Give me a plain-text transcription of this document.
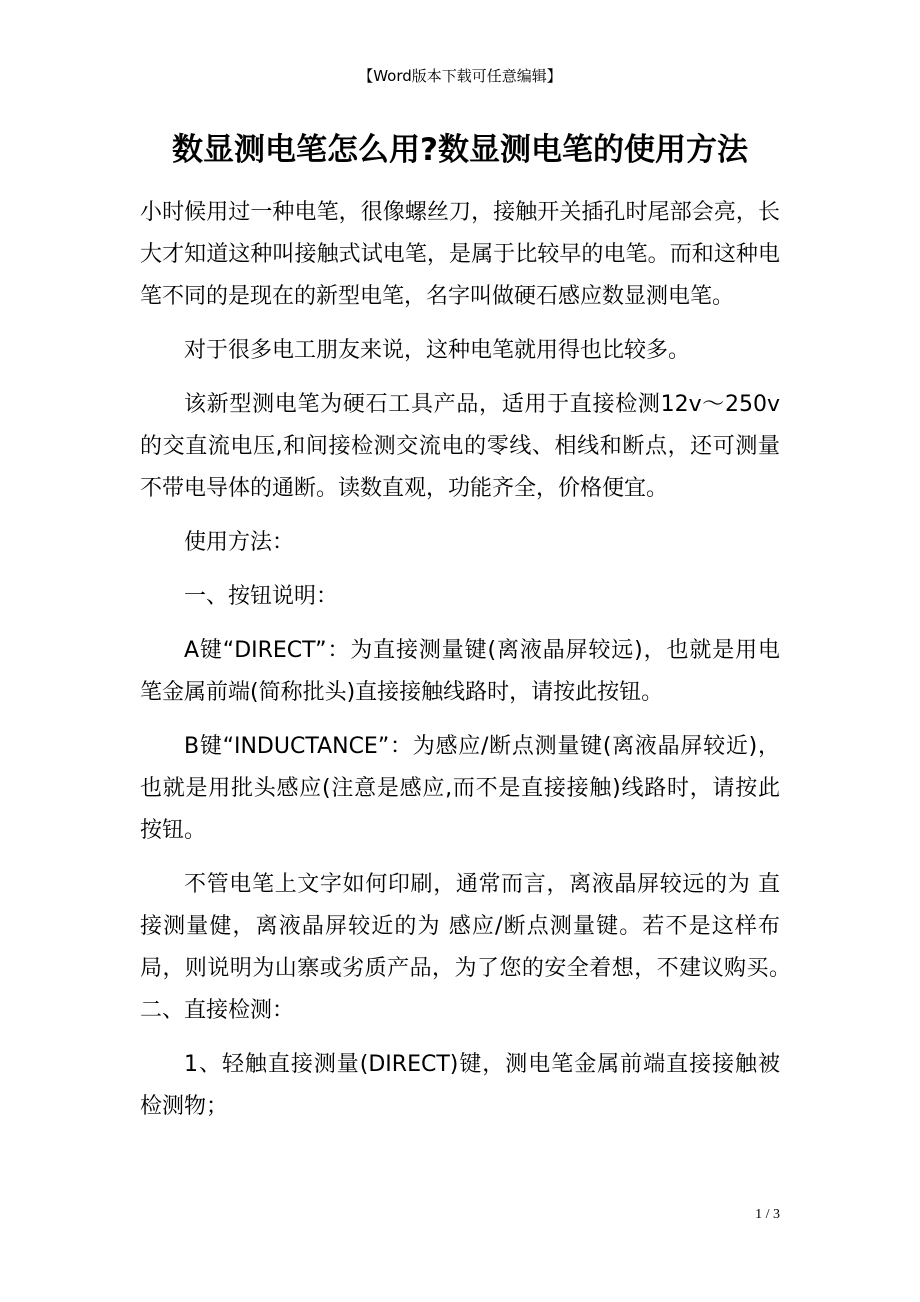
【Word版本下载可任意编辑】
数显测电笔怎么用?数显测电笔的使用方法

小时候用过一种电笔，很像螺丝刀，接触开关插孔时尾部会亮，长大才知道这种叫接触式试电笔，是属于比较早的电笔。而和这种电笔不同的是现在的新型电笔，名字叫做硬石感应数显测电笔。

对于很多电工朋友来说，这种电笔就用得也比较多。

该新型测电笔为硬石工具产品，适用于直接检测12v～250v的交直流电压,和间接检测交流电的零线、相线和断点，还可测量不带电导体的通断。读数直观，功能齐全，价格便宜。

使用方法：

一、按钮说明：

A键“DIRECT”：为直接测量键(离液晶屏较远)，也就是用电笔金属前端(简称批头)直接接触线路时，请按此按钮。

B键“INDUCTANCE”：为感应/断点测量键(离液晶屏较近)，也就是用批头感应(注意是感应,而不是直接接触)线路时，请按此按钮。

不管电笔上文字如何印刷，通常而言，离液晶屏较远的为 直接测量健，离液晶屏较近的为 感应/断点测量键。若不是这样布局，则说明为山寨或劣质产品，为了您的安全着想，不建议购买。　　二、直接检测：

1、轻触直接测量(DIRECT)键，测电笔金属前端直接接触被检测物；

1 / 3
